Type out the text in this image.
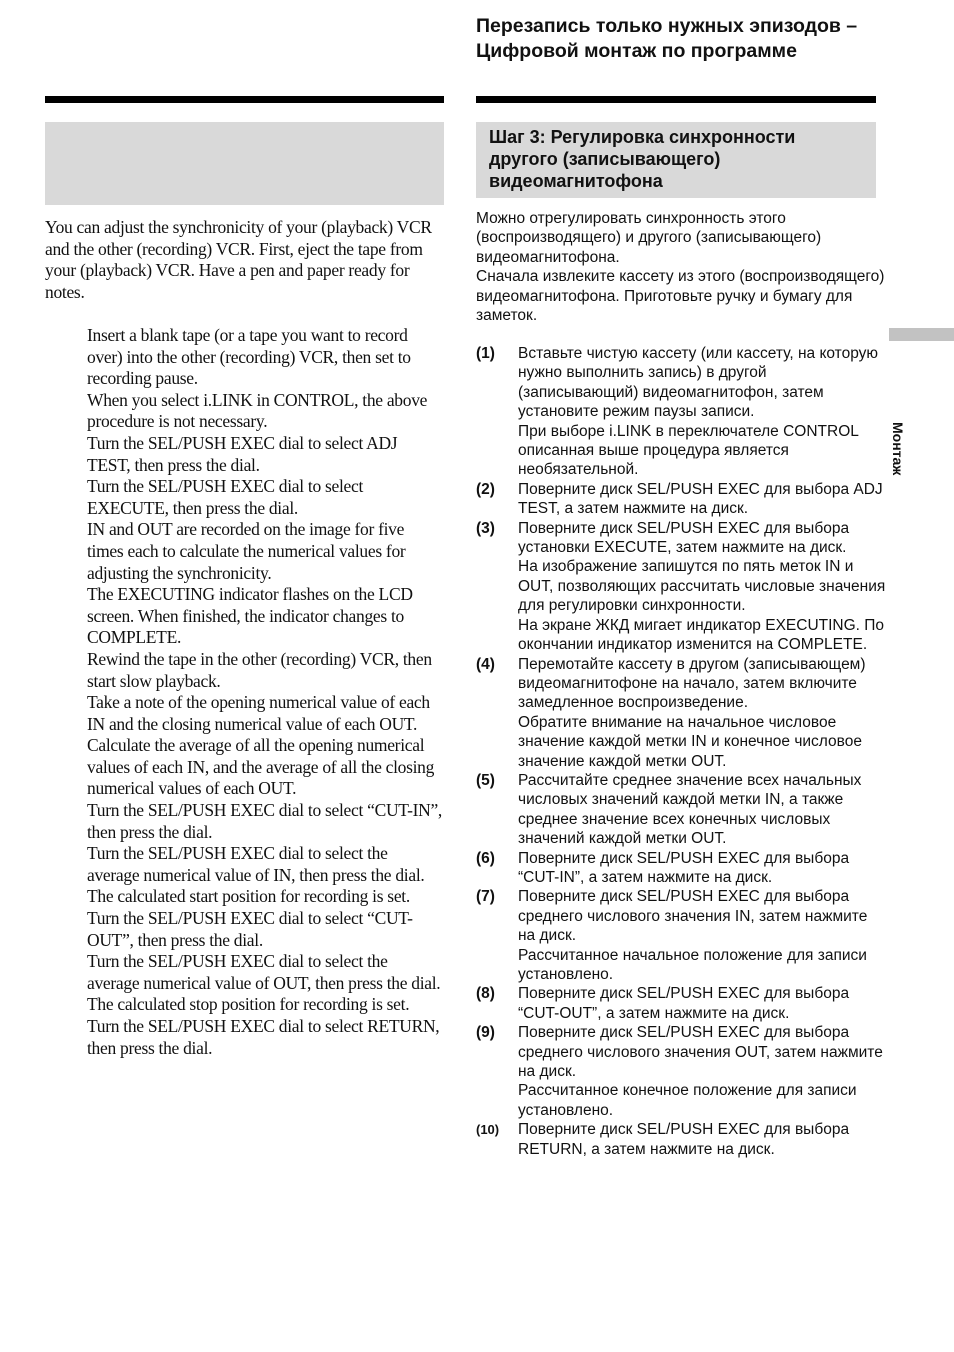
Перезапись только нужных эпизодов – Цифровой монтаж по программе
Шаг 3: Регулировка синхронности другого (записывающего) видеомагнитофона
You can adjust the synchronicity of your (playback) VCR and the other (recording) VCR. First, eject the tape from your (playback) VCR. Have a pen and paper ready for notes.
Insert a blank tape (or a tape you want to record over) into the other (recording) VCR, then set to recording pause.
When you select i.LINK in CONTROL, the above procedure is not necessary.
Turn the SEL/PUSH EXEC dial to select ADJ TEST, then press the dial.
Turn the SEL/PUSH EXEC dial to select EXECUTE, then press the dial.
IN and OUT are recorded on the image for five times each to calculate the numerical values for adjusting the synchronicity.
The EXECUTING indicator flashes on the LCD screen. When finished, the indicator changes to COMPLETE.
Rewind the tape in the other (recording) VCR, then start slow playback.
Take a note of the opening numerical value of each IN and the closing numerical value of each OUT.
Calculate the average of all the opening numerical values of each IN, and the average of all the closing numerical values of each OUT.
Turn the SEL/PUSH EXEC dial to select “CUT-IN”, then press the dial.
Turn the SEL/PUSH EXEC dial to select the average numerical value of IN, then press the dial.
The calculated start position for recording is set.
Turn the SEL/PUSH EXEC dial to select “CUT-OUT”, then press the dial.
Turn the SEL/PUSH EXEC dial to select the average numerical value of OUT, then press the dial.
The calculated stop position for recording is set.
Turn the SEL/PUSH EXEC dial to select RETURN, then press the dial.
Можно отрегулировать синхронность этого (воспроизводящего) и другого (записывающего) видеомагнитофона.
Сначала извлеките кассету из этого (воспроизводящего) видеомагнитофона. Приготовьте ручку и бумагу для заметок.
(1)	Вставьте чистую кассету (или кассету, на которую нужно выполнить запись) в другой (записывающий) видеомагнитофон, затем установите режим паузы записи.
При выборе i.LINK в переключателе CONTROL описанная выше процедура является необязательной.
(2)	Поверните диск SEL/PUSH EXEC для выбора ADJ TEST, а затем нажмите на диск.
(3)	Поверните диск SEL/PUSH EXEC для выбора установки EXECUTE, затем нажмите на диск.
На изображение запишутся по пять меток IN и OUT, позволяющих рассчитать числовые значения для регулировки синхронности.
На экране ЖКД мигает индикатор EXECUTING. По окончании индикатор изменится на COMPLETE.
(4)	Перемотайте кассету в другом (записывающем) видеомагнитофоне на начало, затем включите замедленное воспроизведение.
Обратите внимание на начальное числовое значение каждой метки IN и конечное числовое значение каждой метки OUT.
(5)	Рассчитайте среднее значение всех начальных числовых значений каждой метки IN, а также среднее значение всех конечных числовых значений каждой метки OUT.
(6)	Поверните диск SEL/PUSH EXEC для выбора “CUT-IN”, а затем нажмите на диск.
(7)	Поверните диск SEL/PUSH EXEC для выбора среднего числового значения IN, затем нажмите на диск.
Рассчитанное начальное положение для записи установлено.
(8)	Поверните диск SEL/PUSH EXEC для выбора “CUT-OUT”, а затем нажмите на диск.
(9)	Поверните диск SEL/PUSH EXEC для выбора среднего числового значения OUT, затем нажмите на диск.
Рассчитанное конечное положение для записи установлено.
(10)	Поверните диск SEL/PUSH EXEC для выбора RETURN, а затем нажмите на диск.
Монтаж
